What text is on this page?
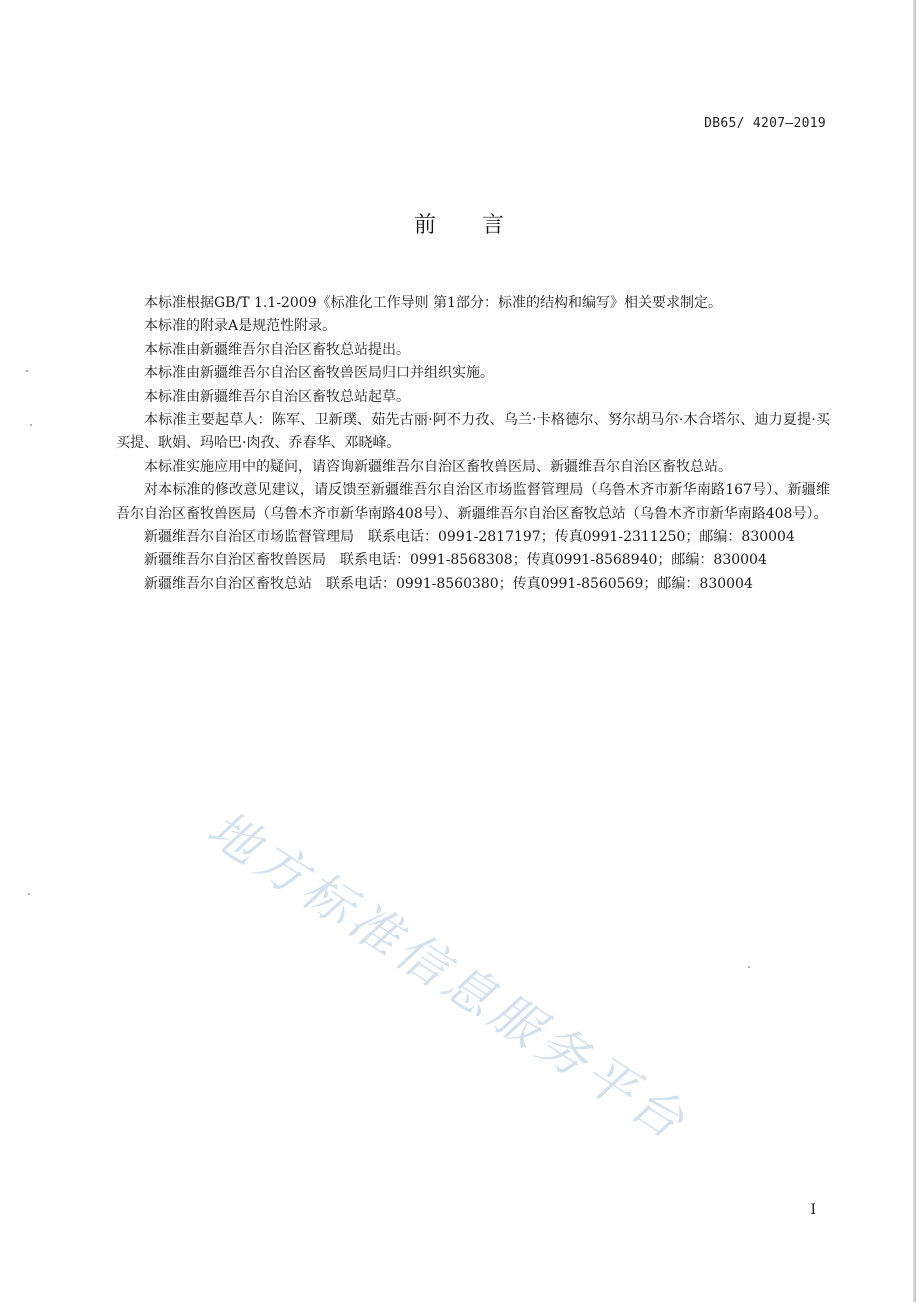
DB65/ 4207—2019
前 言

本标准根据GB/T 1.1-2009《标准化工作导则 第1部分：标准的结构和编写》相关要求制定。

本标准的附录A是规范性附录。

本标准由新疆维吾尔自治区畜牧总站提出。

本标准由新疆维吾尔自治区畜牧兽医局归口并组织实施。

本标准由新疆维吾尔自治区畜牧总站起草。

本标准主要起草人：陈军、卫新璞、茹先古丽·阿不力孜、乌兰·卡格德尔、努尔胡马尔·木合塔尔、迪力夏提·买买提、耿娟、玛哈巴·肉孜、乔春华、邓晓峰。

本标准实施应用中的疑问，请咨询新疆维吾尔自治区畜牧兽医局、新疆维吾尔自治区畜牧总站。

对本标准的修改意见建议，请反馈至新疆维吾尔自治区市场监督管理局（乌鲁木齐市新华南路167号）、新疆维吾尔自治区畜牧兽医局（乌鲁木齐市新华南路408号）、新疆维吾尔自治区畜牧总站（乌鲁木齐市新华南路408号）。

新疆维吾尔自治区市场监督管理局　联系电话：0991-2817197；传真0991-2311250；邮编：830004

新疆维吾尔自治区畜牧兽医局　联系电话：0991-8568308；传真0991-8568940；邮编：830004

新疆维吾尔自治区畜牧总站　联系电话：0991-8560380；传真0991-8560569；邮编：830004

地方标准信息服务平台
I
